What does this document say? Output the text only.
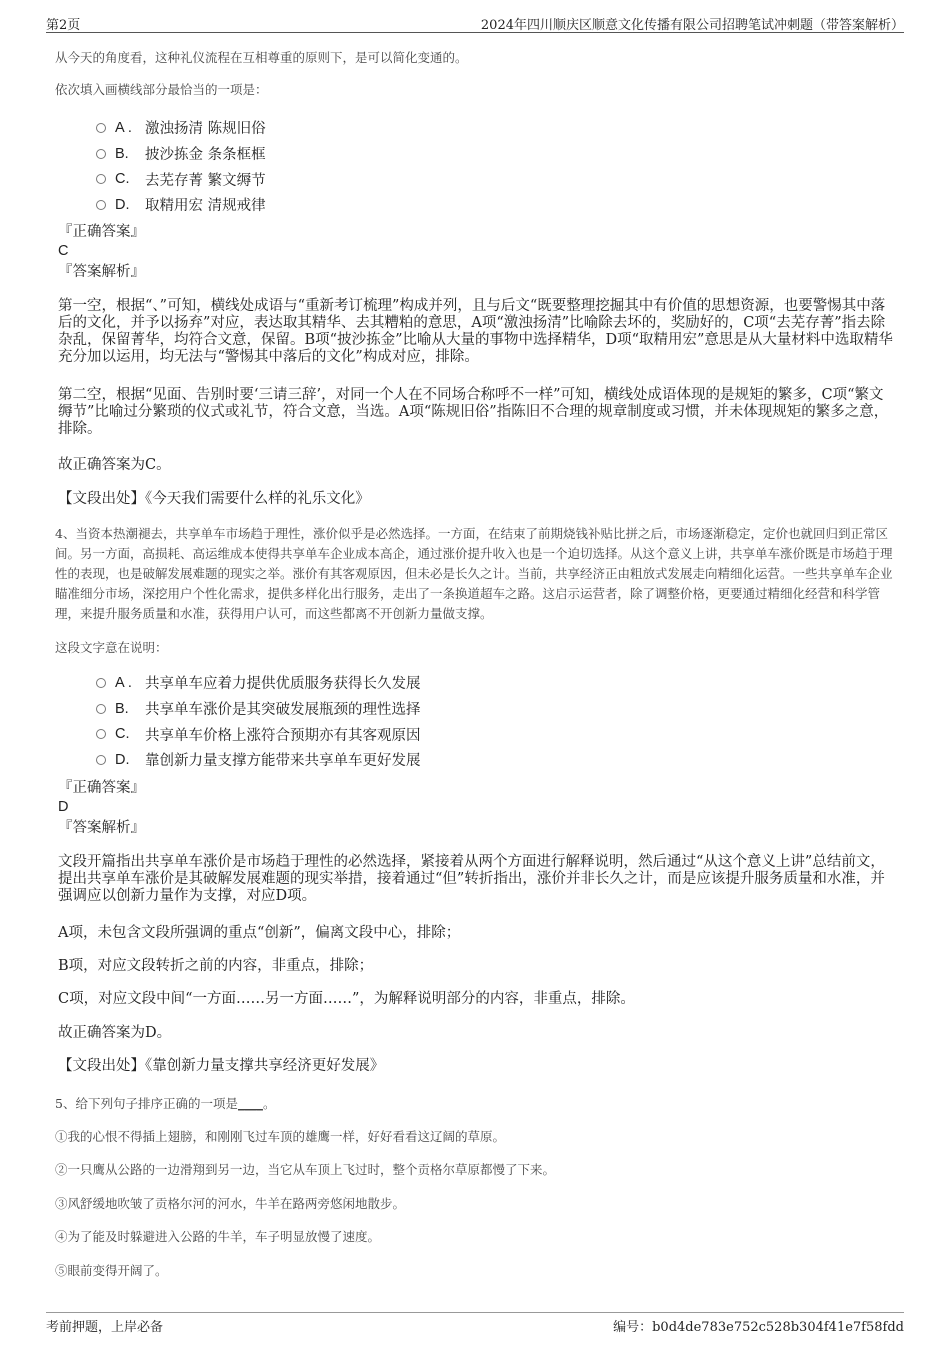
第2页	2024年四川顺庆区顺意文化传播有限公司招聘笔试冲刺题（带答案解析）

从今天的角度看，这种礼仪流程在互相尊重的原则下，是可以简化变通的。

依次填入画横线部分最恰当的一项是：

A . 激浊扬清 陈规旧俗
B.	披沙拣金 条条框框
C.	去芜存菁 繁文缛节
D.	取精用宏 清规戒律

『正确答案』

C

『答案解析』

第一空，根据“、”可知，横线处成语与“重新考订梳理”构成并列，且与后文“既要整理挖掘其中有价值的思想资源，也要警惕其中落后的文化，并予以扬弃”对应，表达取其精华、去其糟粕的意思，A项“激浊扬清”比喻除去坏的，奖励好的，C项“去芜存菁”指去除杂乱，保留菁华，均符合文意，保留。B项“披沙拣金”比喻从大量的事物中选择精华，D项“取精用宏”意思是从大量材料中选取精华充分加以运用，均无法与“警惕其中落后的文化”构成对应，排除。

第二空，根据“见面、告别时要‘三请三辞’，对同一个人在不同场合称呼不一样”可知，横线处成语体现的是规矩的繁多，C项“繁文缛节”比喻过分繁琐的仪式或礼节，符合文意，当选。A项“陈规旧俗”指陈旧不合理的规章制度或习惯，并未体现规矩的繁多之意，排除。

故正确答案为C。

【文段出处】《今天我们需要什么样的礼乐文化》

4、当资本热潮褪去，共享单车市场趋于理性，涨价似乎是必然选择。一方面，在结束了前期烧钱补贴比拼之后，市场逐渐稳定，定价也就回归到正常区间。另一方面，高损耗、高运维成本使得共享单车企业成本高企，通过涨价提升收入也是一个迫切选择。从这个意义上讲，共享单车涨价既是市场趋于理性的表现，也是破解发展难题的现实之举。涨价有其客观原因，但未必是长久之计。当前，共享经济正由粗放式发展走向精细化运营。一些共享单车企业瞄准细分市场，深挖用户个性化需求，提供多样化出行服务，走出了一条换道超车之路。这启示运营者，除了调整价格，更要通过精细化经营和科学管理，来提升服务质量和水准，获得用户认可，而这些都离不开创新力量做支撑。

这段文字意在说明：

A . 共享单车应着力提供优质服务获得长久发展
B.	共享单车涨价是其突破发展瓶颈的理性选择
C.	共享单车价格上涨符合预期亦有其客观原因
D.	靠创新力量支撑方能带来共享单车更好发展

『正确答案』

D

『答案解析』

文段开篇指出共享单车涨价是市场趋于理性的必然选择，紧接着从两个方面进行解释说明，然后通过“从这个意义上讲”总结前文，提出共享单车涨价是其破解发展难题的现实举措，接着通过“但”转折指出，涨价并非长久之计，而是应该提升服务质量和水准，并强调应以创新力量作为支撑，对应D项。

A项，未包含文段所强调的重点“创新”，偏离文段中心，排除；

B项，对应文段转折之前的内容，非重点，排除；

C项，对应文段中间“一方面……另一方面……”，为解释说明部分的内容，非重点，排除。

故正确答案为D。

【文段出处】《靠创新力量支撑共享经济更好发展》

5、给下列句子排序正确的一项是____。

①我的心恨不得插上翅膀，和刚刚飞过车顶的雄鹰一样，好好看看这辽阔的草原。

②一只鹰从公路的一边滑翔到另一边，当它从车顶上飞过时，整个贡格尔草原都慢了下来。

③风舒缓地吹皱了贡格尔河的河水，牛羊在路两旁悠闲地散步。

④为了能及时躲避进入公路的牛羊，车子明显放慢了速度。

⑤眼前变得开阔了。

考前押题，上岸必备	编号：b0d4de783e752c528b304f41e7f58fdd
